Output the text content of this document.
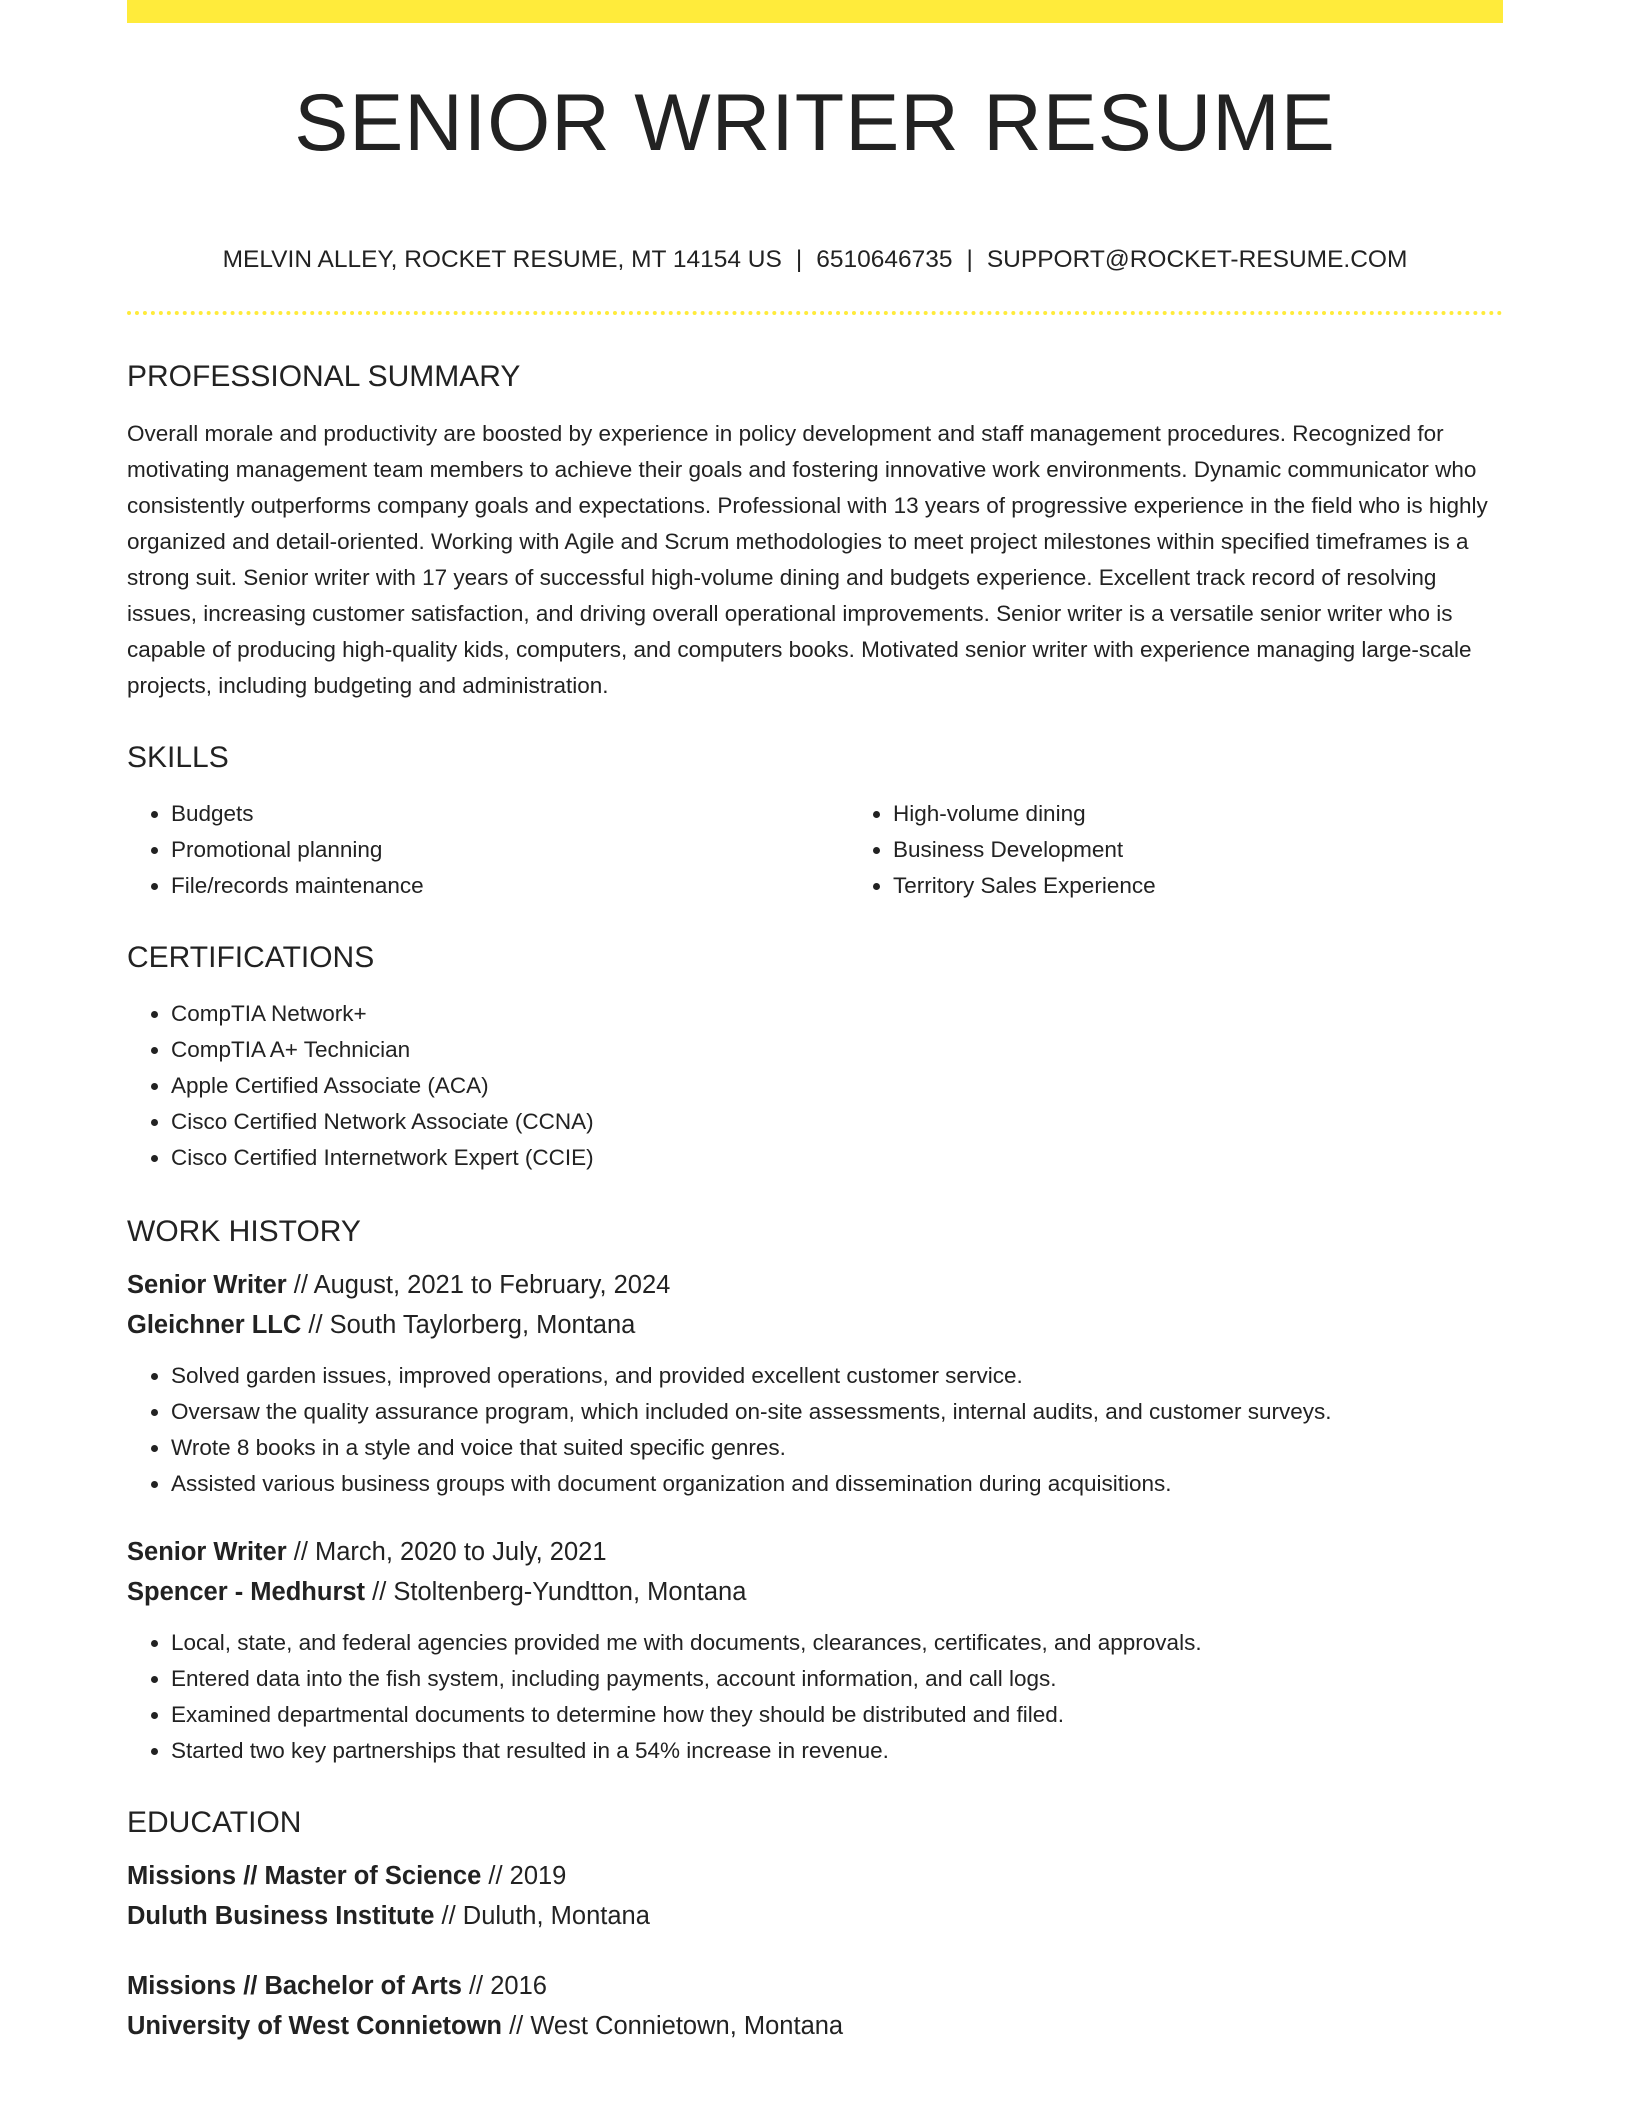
SENIOR WRITER RESUME
MELVIN ALLEY, ROCKET RESUME, MT 14154 US | 6510646735 | SUPPORT@ROCKET-RESUME.COM
PROFESSIONAL SUMMARY

Overall morale and productivity are boosted by experience in policy development and staff management procedures. Recognized for motivating management team members to achieve their goals and fostering innovative work environments. Dynamic communicator who consistently outperforms company goals and expectations. Professional with 13 years of progressive experience in the field who is highly organized and detail-oriented. Working with Agile and Scrum methodologies to meet project milestones within specified timeframes is a strong suit. Senior writer with 17 years of successful high-volume dining and budgets experience. Excellent track record of resolving issues, increasing customer satisfaction, and driving overall operational improvements. Senior writer is a versatile senior writer who is capable of producing high-quality kids, computers, and computers books. Motivated senior writer with experience managing large-scale projects, including budgeting and administration.

SKILLS
• Budgets
• Promotional planning
• File/records maintenance
• High-volume dining
• Business Development
• Territory Sales Experience
CERTIFICATIONS
• CompTIA Network+
• CompTIA A+ Technician
• Apple Certified Associate (ACA)
• Cisco Certified Network Associate (CCNA)
• Cisco Certified Internetwork Expert (CCIE)
WORK HISTORY

Senior Writer // August, 2021 to February, 2024

Gleichner LLC // South Taylorberg, Montana

• Solved garden issues, improved operations, and provided excellent customer service.
• Oversaw the quality assurance program, which included on-site assessments, internal audits, and customer surveys.
• Wrote 8 books in a style and voice that suited specific genres.
• Assisted various business groups with document organization and dissemination during acquisitions.

Senior Writer // March, 2020 to July, 2021

Spencer - Medhurst // Stoltenberg-Yundtton, Montana

• Local, state, and federal agencies provided me with documents, clearances, certificates, and approvals.
• Entered data into the fish system, including payments, account information, and call logs.
• Examined departmental documents to determine how they should be distributed and filed.
• Started two key partnerships that resulted in a 54% increase in revenue.
EDUCATION

Missions // Master of Science // 2019

Duluth Business Institute // Duluth, Montana

Missions // Bachelor of Arts // 2016

University of West Connietown // West Connietown, Montana
